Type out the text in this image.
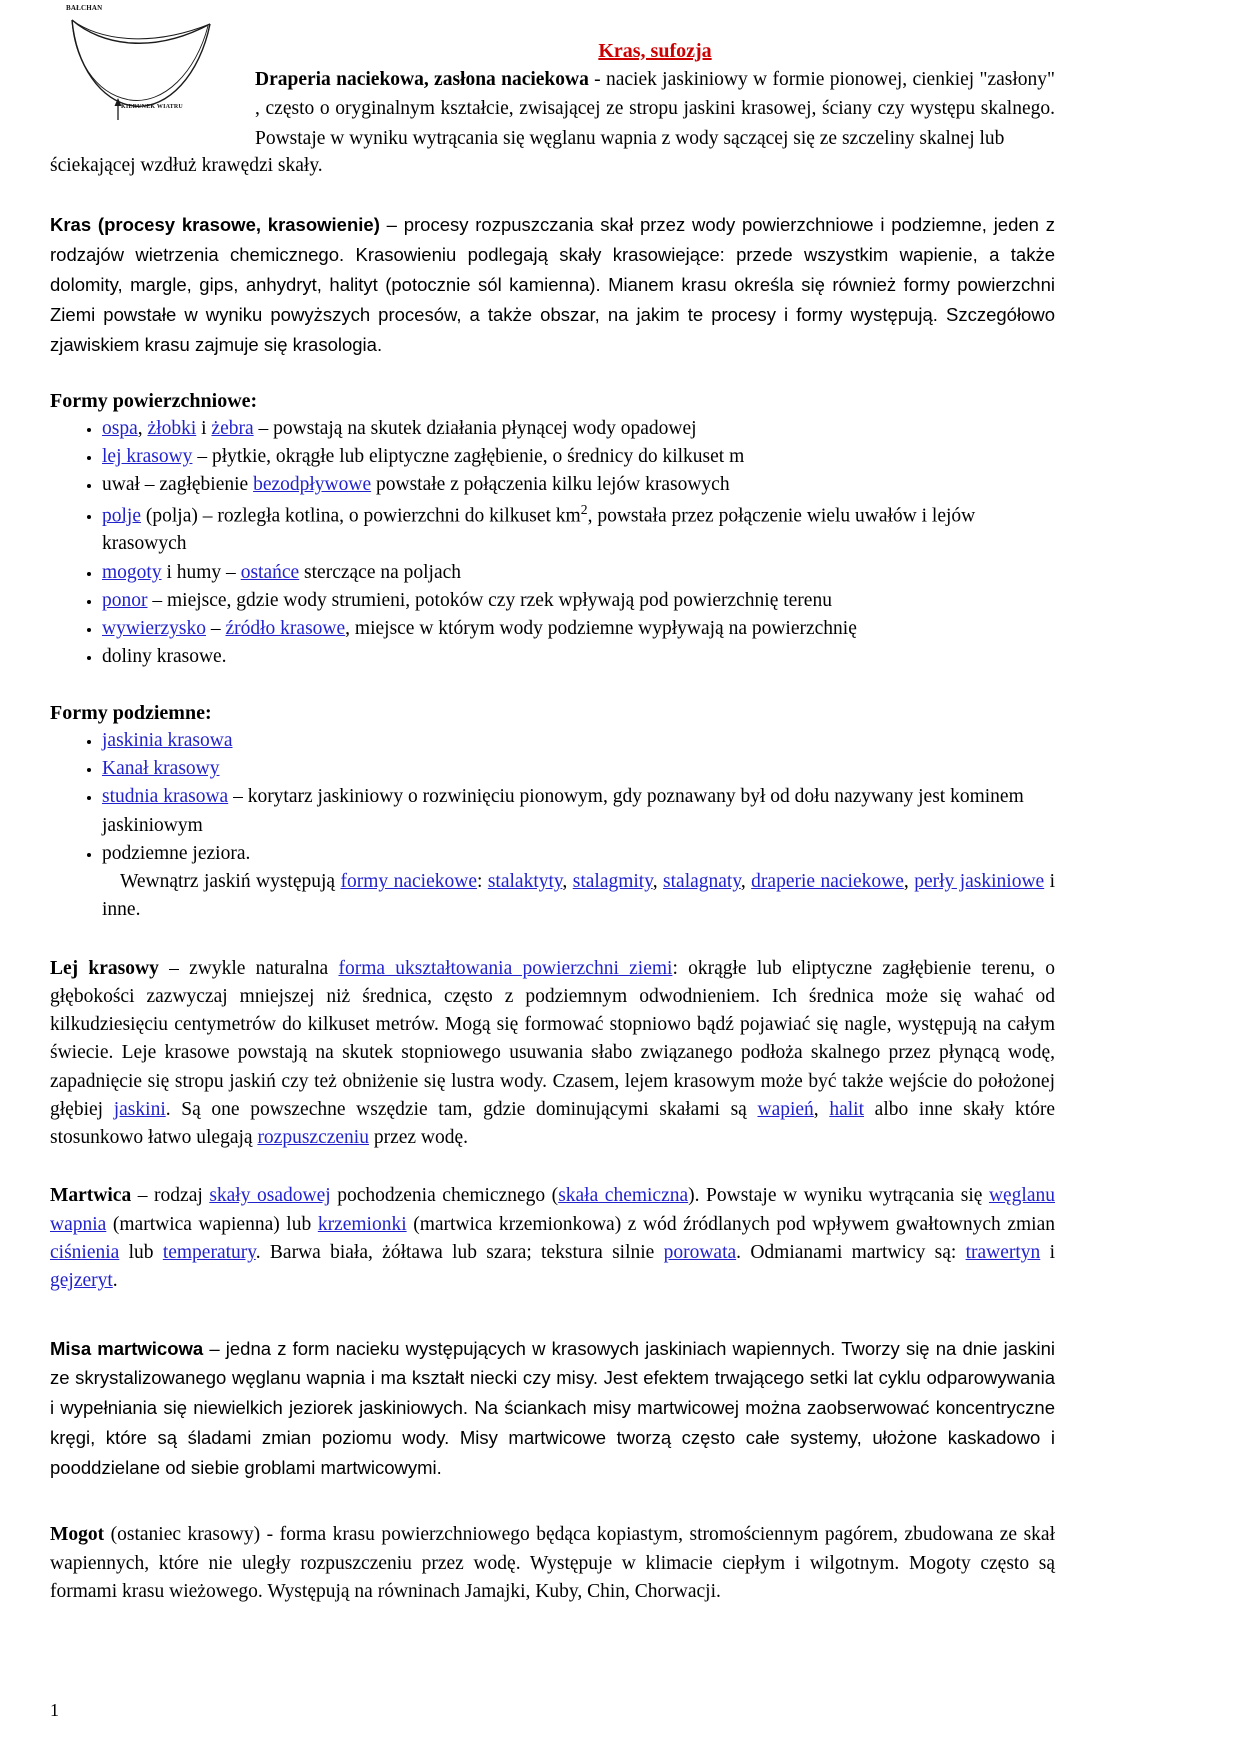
BAŁCHAN
KIERUNEK WIATRU
Kras, sufozja
Draperia naciekowa, zasłona naciekowa - naciek jaskiniowy w formie pionowej, cienkiej "zasłony" , często o oryginalnym kształcie, zwisającej ze stropu jaskini krasowej, ściany czy występu skalnego. Powstaje w wyniku wytrącania się węglanu wapnia z wody sączącej się ze szczeliny skalnej lub
ściekającej wzdłuż krawędzi skały.
Kras (procesy krasowe, krasowienie) – procesy rozpuszczania skał przez wody powierzchniowe i podziemne, jeden z rodzajów wietrzenia chemicznego. Krasowieniu podlegają skały krasowiejące: przede wszystkim wapienie, a także dolomity, margle, gips, anhydryt, halityt (potocznie sól kamienna). Mianem krasu określa się również formy powierzchni Ziemi powstałe w wyniku powyższych procesów, a także obszar, na jakim te procesy i formy występują. Szczegółowo zjawiskiem krasu zajmuje się krasologia.
Formy powierzchniowe:
• ospa, żłobki i żebra – powstają na skutek działania płynącej wody opadowej
• lej krasowy – płytkie, okrągłe lub eliptyczne zagłębienie, o średnicy do kilkuset m
• uwał – zagłębienie bezodpływowe powstałe z połączenia kilku lejów krasowych
• polje (polja) – rozległa kotlina, o powierzchni do kilkuset $km^2$, powstała przez połączenie wielu uwałów i lejów krasowych
• mogoty i humy – ostańce sterczące na poljach
• ponor – miejsce, gdzie wody strumieni, potoków czy rzek wpływają pod powierzchnię terenu
• wywierzysko – źródło krasowe, miejsce w którym wody podziemne wypływają na powierzchnię
• doliny krasowe.
Formy podziemne:
• jaskinia krasowa
• Kanał krasowy
• studnia krasowa – korytarz jaskiniowy o rozwinięciu pionowym, gdy poznawany był od dołu nazywany jest kominem jaskiniowym
• podziemne jeziora.
Wewnątrz jaskiń występują formy naciekowe: stalaktyty, stalagmity, stalagnaty, draperie naciekowe, perły jaskiniowe i inne.
Lej krasowy – zwykle naturalna forma ukształtowania powierzchni ziemi: okrągłe lub eliptyczne zagłębienie terenu, o głębokości zazwyczaj mniejszej niż średnica, często z podziemnym odwodnieniem. Ich średnica może się wahać od kilkudziesięciu centymetrów do kilkuset metrów. Mogą się formować stopniowo bądź pojawiać się nagle, występują na całym świecie. Leje krasowe powstają na skutek stopniowego usuwania słabo związanego podłoża skalnego przez płynącą wodę, zapadnięcie się stropu jaskiń czy też obniżenie się lustra wody. Czasem, lejem krasowym może być także wejście do położonej głębiej jaskini. Są one powszechne wszędzie tam, gdzie dominującymi skałami są wapień, halit albo inne skały które stosunkowo łatwo ulegają rozpuszczeniu przez wodę.
Martwica – rodzaj skały osadowej pochodzenia chemicznego (skała chemiczna). Powstaje w wyniku wytrącania się węglanu wapnia (martwica wapienna) lub krzemionki (martwica krzemionkowa) z wód źródlanych pod wpływem gwałtownych zmian ciśnienia lub temperatury. Barwa biała, żółtawa lub szara; tekstura silnie porowata. Odmianami martwicy są: trawertyn i gejzeryt.
Misa martwicowa – jedna z form nacieku występujących w krasowych jaskiniach wapiennych. Tworzy się na dnie jaskini ze skrystalizowanego węglanu wapnia i ma kształt niecki czy misy. Jest efektem trwającego setki lat cyklu odparowywania i wypełniania się niewielkich jeziorek jaskiniowych. Na ściankach misy martwicowej można zaobserwować koncentryczne kręgi, które są śladami zmian poziomu wody. Misy martwicowe tworzą często całe systemy, ułożone kaskadowo i pooddzielane od siebie groblami martwicowymi.
Mogot (ostaniec krasowy) - forma krasu powierzchniowego będąca kopiastym, stromościennym pagórem, zbudowana ze skał wapiennych, które nie uległy rozpuszczeniu przez wodę. Występuje w klimacie ciepłym i wilgotnym. Mogoty często są formami krasu wieżowego. Występują na równinach Jamajki, Kuby, Chin, Chorwacji.
1
